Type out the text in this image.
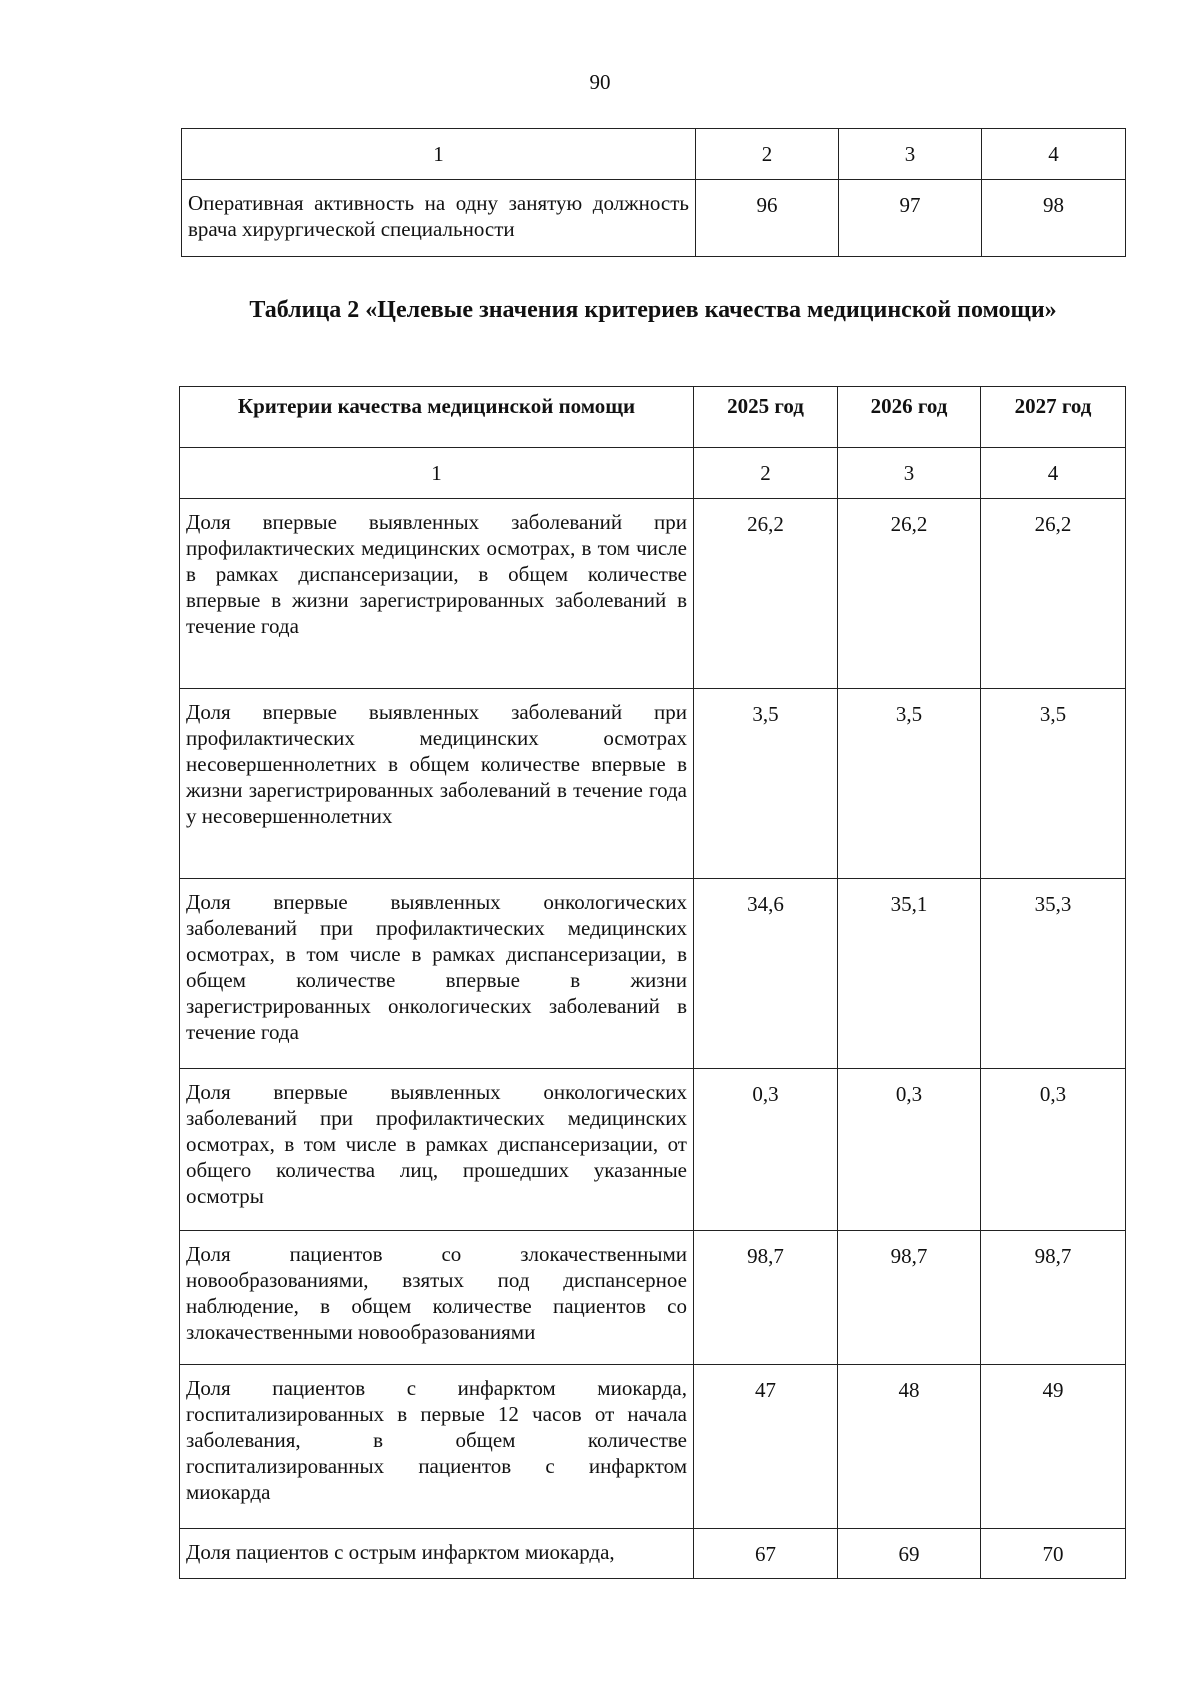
90
1	2	3	4
Оперативная активность на одну занятую должность врача хирургической специальности	96	97	98
Таблица 2 «Целевые значения критериев качества медицинской помощи»
Критерии качества медицинской помощи	2025 год	2026 год	2027 год
1	2	3	4
Доля впервые выявленных заболеваний при профилактических медицинских осмотрах, в том числе в рамках диспансеризации, в общем количестве впервые в жизни зарегистрированных заболеваний в течение года	26,2	26,2	26,2
Доля впервые выявленных заболеваний при профилактических медицинских осмотрах несовершеннолетних в общем количестве впервые в жизни зарегистрированных заболеваний в течение года у несовершеннолетних	3,5	3,5	3,5
Доля впервые выявленных онкологических заболеваний при профилактических медицинских осмотрах, в том числе в рамках диспансеризации, в общем количестве впервые в жизни зарегистрированных онкологических заболеваний в течение года	34,6	35,1	35,3
Доля впервые выявленных онкологических заболеваний при профилактических медицинских осмотрах, в том числе в рамках диспансеризации, от общего количества лиц, прошедших указанные осмотры	0,3	0,3	0,3
Доля пациентов со злокачественными новообразованиями, взятых под диспансерное наблюдение, в общем количестве пациентов со злокачественными новообразованиями	98,7	98,7	98,7
Доля пациентов с инфарктом миокарда, госпитализированных в первые 12 часов от начала заболевания, в общем количестве госпитализированных пациентов с инфарктом миокарда	47	48	49
Доля пациентов с острым инфарктом миокарда,	67	69	70
